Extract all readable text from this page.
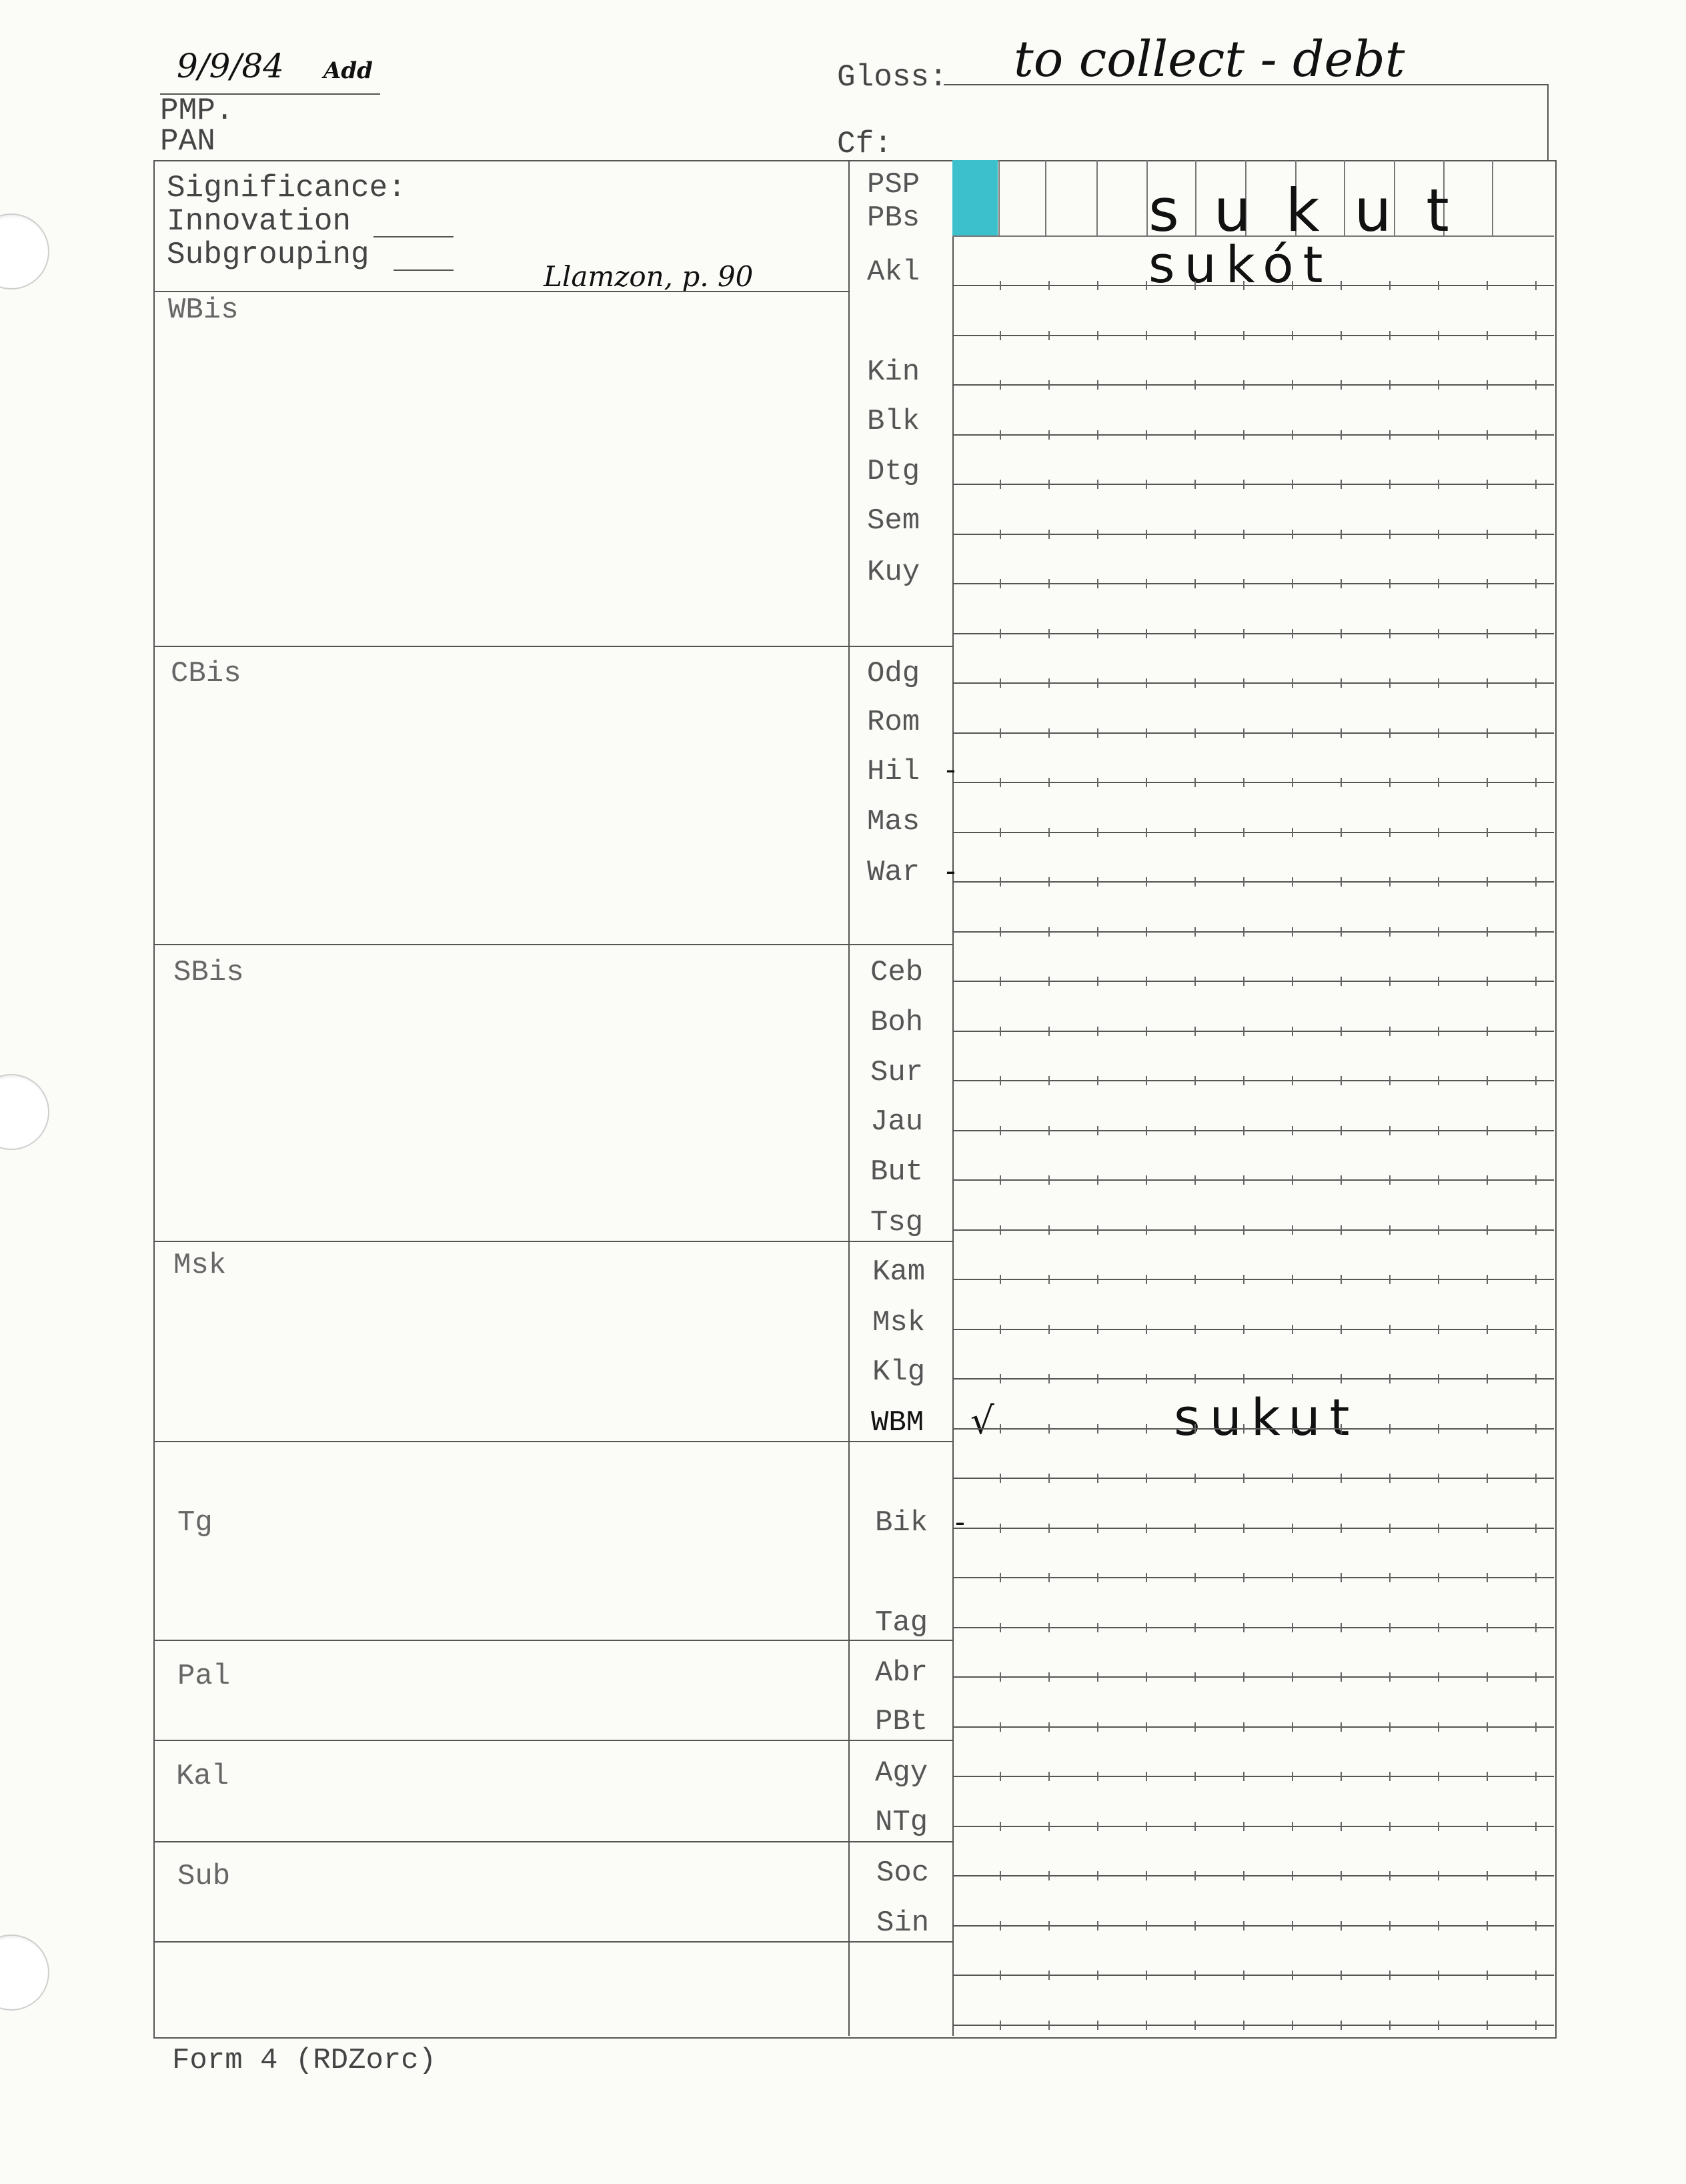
9/9/84 Add
PMP.
PAN
Gloss: to collect - debt
Cf:
Significance:
Innovation
Subgrouping
Llamzon, p. 90
WBis
CBis
SBis
Msk
Tg
Pal
Kal
Sub
PSP
PBs
Akl
Kin
Blk
Dtg
Sem
Kuy
Odg
Rom
Hil
Mas
War
Ceb
Boh
Sur
Jau
But
Tsg
Kam
Msk
Klg
WBM
Bik
Tag
Abr
PBt
Agy
NTg
Soc
Sin
s u k u t
sukót
√	sukut
-
-
-
Form 4 (RDZorc)
